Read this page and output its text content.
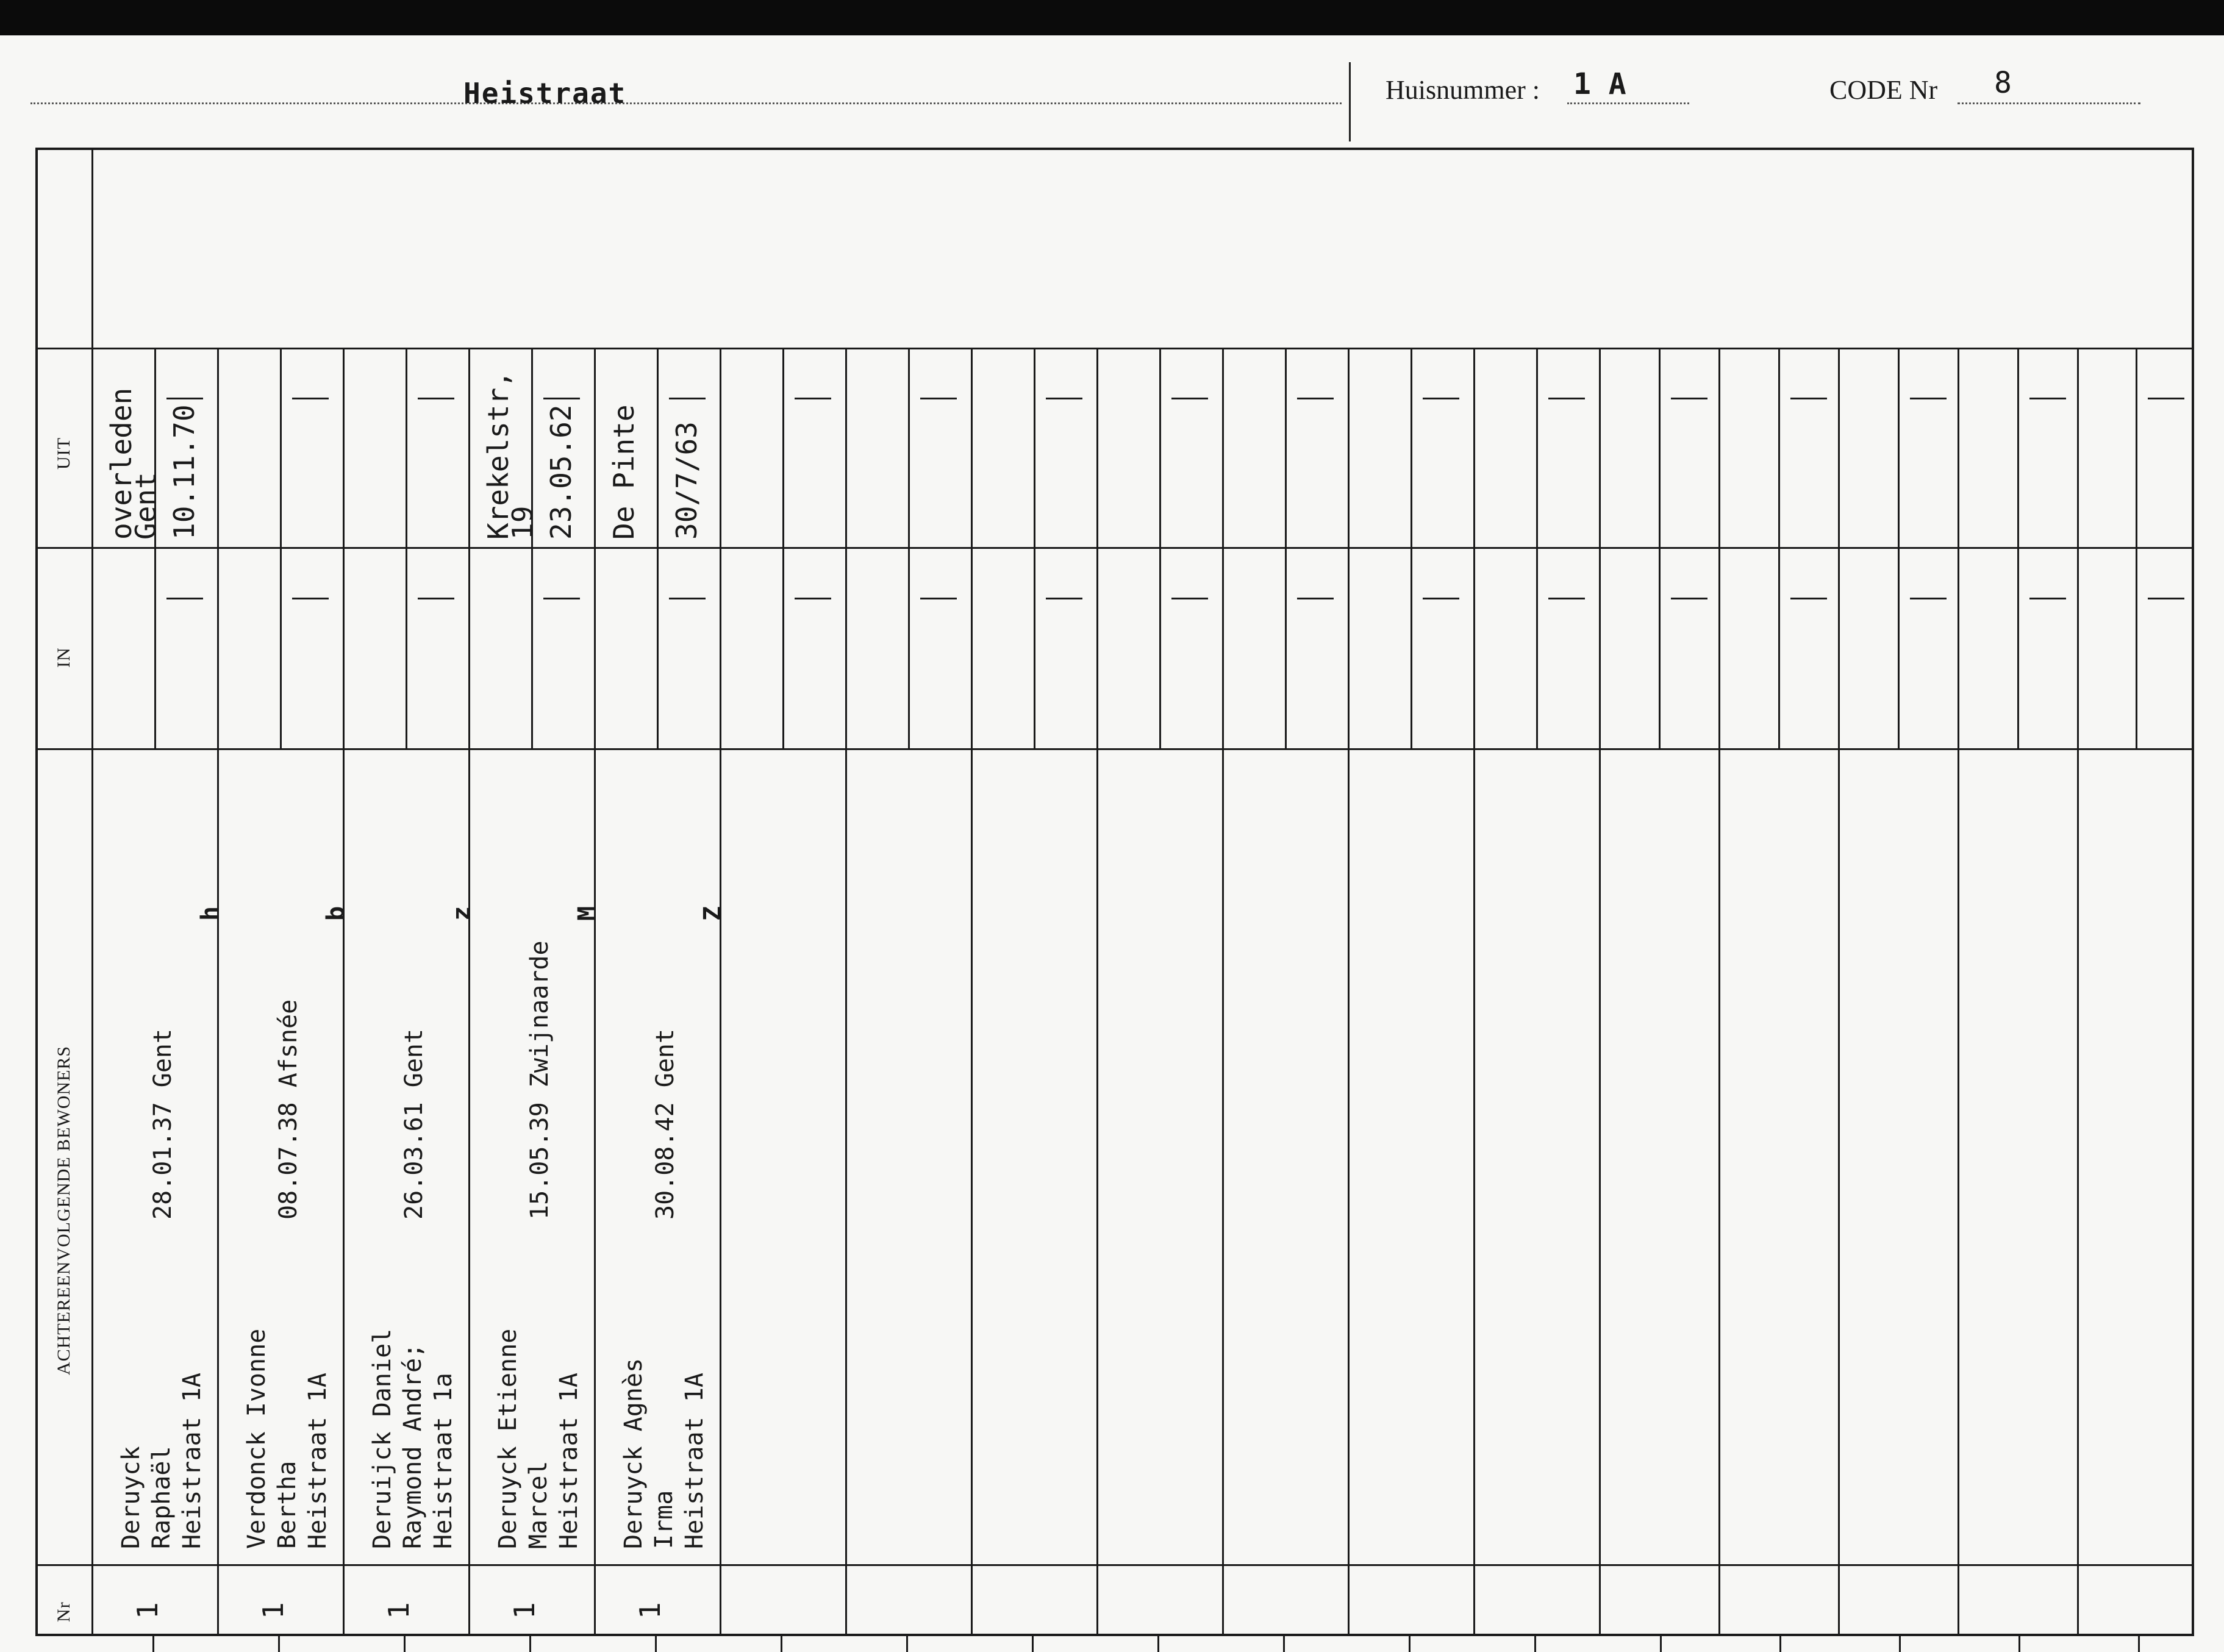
Heistraat	Huisnummer : 1 A	CODE Nr 8
UIT
IN
ACHTEREENVOLGENDE BEWONERS
Nr
Deruyck Raphaël Heistraat 1A
28.01.37 Gent
h
1
overleden
Gent 10.11.70
Verdonck Ivonne Bertha Heistraat 1A
08.07.38 Afsnée
b
1
Deruijck Daniel Raymond André; Heistraat 1a
26.03.61 Gent
z
1
Deruyck Etienne Marcel Heistraat 1A
15.05.39 Zwijnaarde
M
1
Krekelstr,
19 23.05.62
Deruyck Agnès Irma Heistraat 1A
30.08.42 Gent
Z
1
De Pinte 30/7/63
